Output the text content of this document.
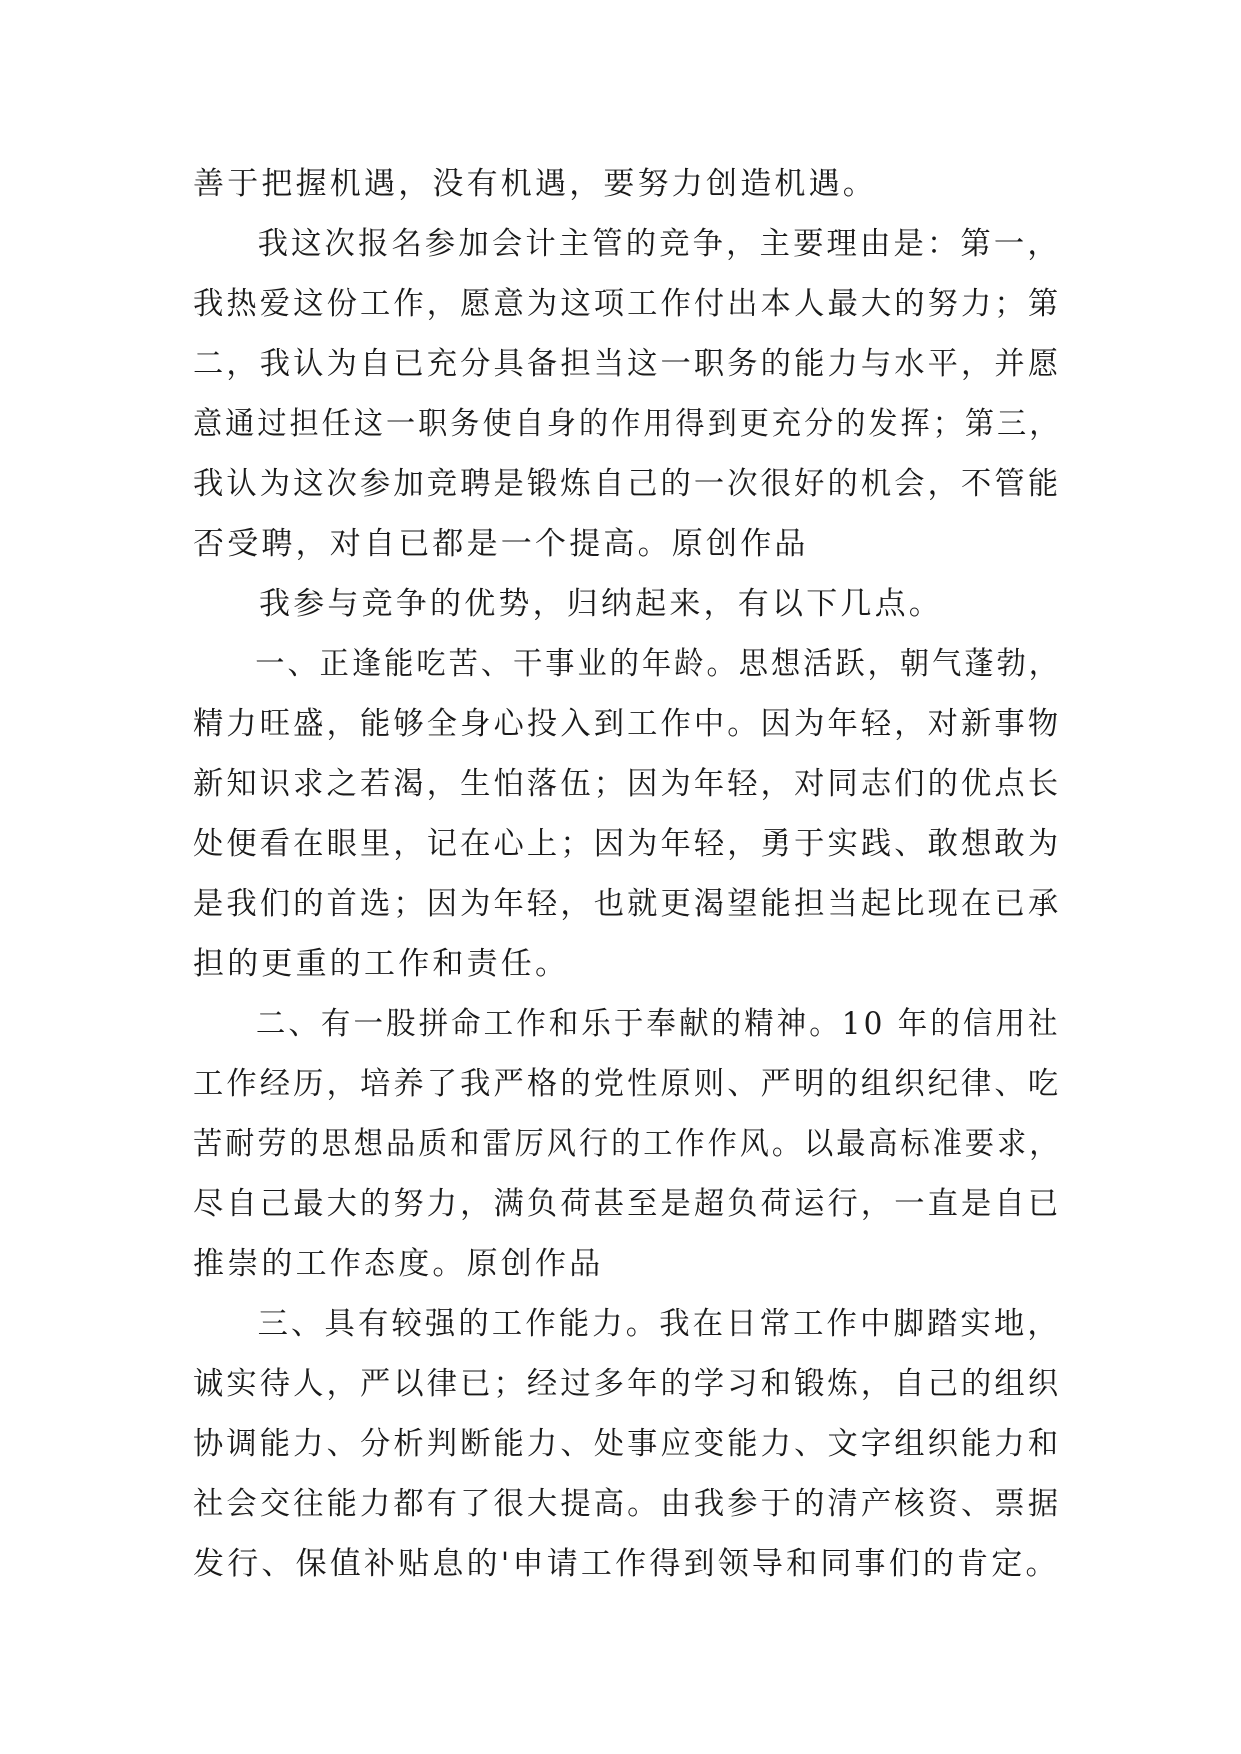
善于把握机遇，没有机遇，要努力创造机遇。
我这次报名参加会计主管的竞争，主要理由是：第一，
我热爱这份工作，愿意为这项工作付出本人最大的努力；第
二，我认为自已充分具备担当这一职务的能力与水平，并愿
意通过担任这一职务使自身的作用得到更充分的发挥；第三，
我认为这次参加竞聘是锻炼自己的一次很好的机会，不管能
否受聘，对自已都是一个提高。原创作品
我参与竞争的优势，归纳起来，有以下几点。
一、正逢能吃苦、干事业的年龄。思想活跃，朝气蓬勃，
精力旺盛，能够全身心投入到工作中。因为年轻，对新事物
新知识求之若渴，生怕落伍；因为年轻，对同志们的优点长
处便看在眼里，记在心上；因为年轻，勇于实践、敢想敢为
是我们的首选；因为年轻，也就更渴望能担当起比现在已承
担的更重的工作和责任。
二、有一股拼命工作和乐于奉献的精神。10 年的信用社
工作经历，培养了我严格的党性原则、严明的组织纪律、吃
苦耐劳的思想品质和雷厉风行的工作作风。以最高标准要求，
尽自己最大的努力，满负荷甚至是超负荷运行，一直是自已
推崇的工作态度。原创作品
三、具有较强的工作能力。我在日常工作中脚踏实地，
诚实待人，严以律已；经过多年的学习和锻炼，自己的组织
协调能力、分析判断能力、处事应变能力、文字组织能力和
社会交往能力都有了很大提高。由我参于的清产核资、票据
发行、保值补贴息的'申请工作得到领导和同事们的肯定。
